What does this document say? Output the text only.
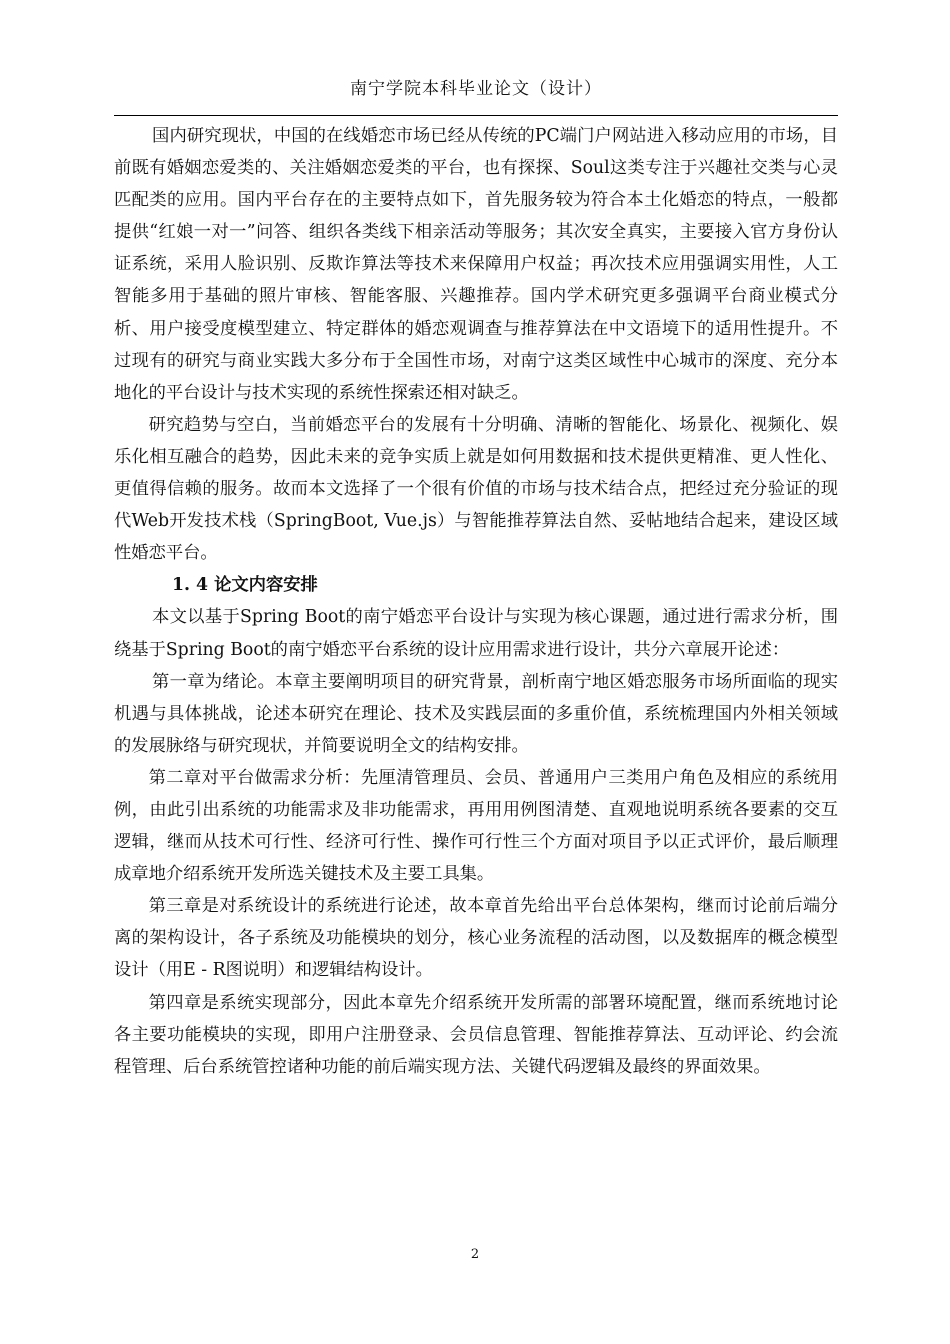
南宁学院本科毕业论文（设计）

国内研究现状，中国的在线婚恋市场已经从传统的PC端门户网站进入移动应用的市场，目前既有婚姻恋爱类的、关注婚姻恋爱类的平台，也有探探、Soul这类专注于兴趣社交类与心灵匹配类的应用。国内平台存在的主要特点如下，首先服务较为符合本土化婚恋的特点，一般都提供“红娘一对一”问答、组织各类线下相亲活动等服务；其次安全真实，主要接入官方身份认证系统，采用人脸识别、反欺诈算法等技术来保障用户权益；再次技术应用强调实用性，人工智能多用于基础的照片审核、智能客服、兴趣推荐。国内学术研究更多强调平台商业模式分析、用户接受度模型建立、特定群体的婚恋观调查与推荐算法在中文语境下的适用性提升。不过现有的研究与商业实践大多分布于全国性市场，对南宁这类区域性中心城市的深度、充分本地化的平台设计与技术实现的系统性探索还相对缺乏。

研究趋势与空白，当前婚恋平台的发展有十分明确、清晰的智能化、场景化、视频化、娱乐化相互融合的趋势，因此未来的竞争实质上就是如何用数据和技术提供更精准、更人性化、更值得信赖的服务。故而本文选择了一个很有价值的市场与技术结合点，把经过充分验证的现代Web开发技术栈（SpringBoot, Vue.js）与智能推荐算法自然、妥帖地结合起来，建设区域性婚恋平台。

1. 4 论文内容安排

本文以基于Spring Boot的南宁婚恋平台设计与实现为核心课题，通过进行需求分析，围绕基于Spring Boot的南宁婚恋平台系统的设计应用需求进行设计，共分六章展开论述：

第一章为绪论。本章主要阐明项目的研究背景，剖析南宁地区婚恋服务市场所面临的现实机遇与具体挑战，论述本研究在理论、技术及实践层面的多重价值，系统梳理国内外相关领域的发展脉络与研究现状，并简要说明全文的结构安排。

第二章对平台做需求分析：先厘清管理员、会员、普通用户三类用户角色及相应的系统用例，由此引出系统的功能需求及非功能需求，再用用例图清楚、直观地说明系统各要素的交互逻辑，继而从技术可行性、经济可行性、操作可行性三个方面对项目予以正式评价，最后顺理成章地介绍系统开发所选关键技术及主要工具集。

第三章是对系统设计的系统进行论述，故本章首先给出平台总体架构，继而讨论前后端分离的架构设计，各子系统及功能模块的划分，核心业务流程的活动图，以及数据库的概念模型设计（用E - R图说明）和逻辑结构设计。

第四章是系统实现部分，因此本章先介绍系统开发所需的部署环境配置，继而系统地讨论各主要功能模块的实现，即用户注册登录、会员信息管理、智能推荐算法、互动评论、约会流程管理、后台系统管控诸种功能的前后端实现方法、关键代码逻辑及最终的界面效果。

2
